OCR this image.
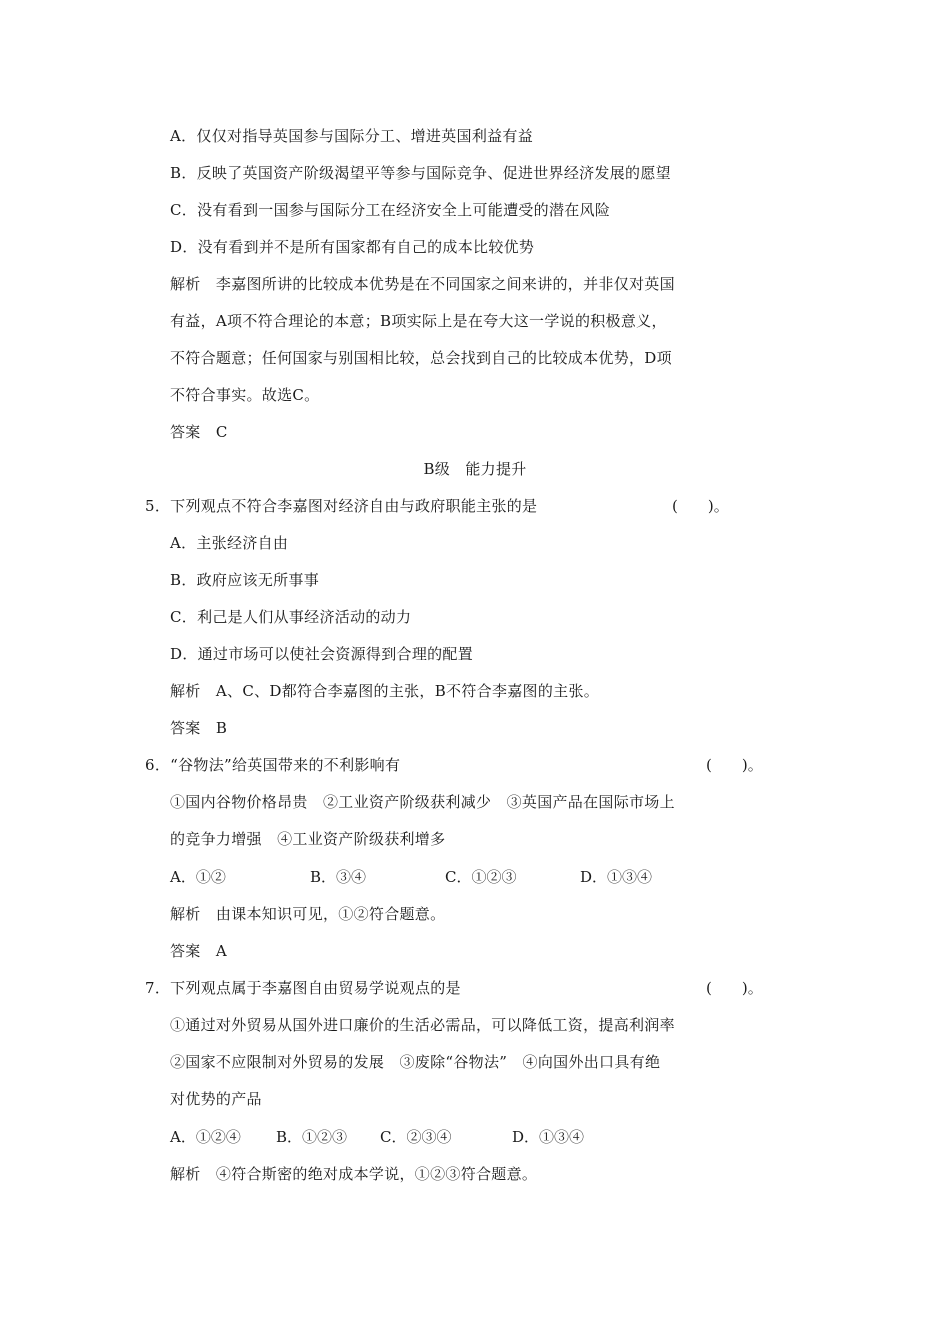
A．仅仅对指导英国参与国际分工、增进英国利益有益
B．反映了英国资产阶级渴望平等参与国际竞争、促进世界经济发展的愿望
C．没有看到一国参与国际分工在经济安全上可能遭受的潜在风险
D．没有看到并不是所有国家都有自己的成本比较优势
解析　李嘉图所讲的比较成本优势是在不同国家之间来讲的，并非仅对英国
有益，A项不符合理论的本意；B项实际上是在夸大这一学说的积极意义，
不符合题意；任何国家与别国相比较，总会找到自己的比较成本优势，D项
不符合事实。故选C。
答案　C
B级　能力提升
5．下列观点不符合李嘉图对经济自由与政府职能主张的是	(　　)。
A．主张经济自由
B．政府应该无所事事
C．利己是人们从事经济活动的动力
D．通过市场可以使社会资源得到合理的配置
解析　A、C、D都符合李嘉图的主张，B不符合李嘉图的主张。
答案　B
6．“谷物法”给英国带来的不利影响有	(　　)。
①国内谷物价格昂贵　②工业资产阶级获利减少　③英国产品在国际市场上
的竞争力增强　④工业资产阶级获利增多
A．①②	B．③④	C．①②③	D．①③④
解析　由课本知识可见，①②符合题意。
答案　A
7．下列观点属于李嘉图自由贸易学说观点的是	(　　)。
①通过对外贸易从国外进口廉价的生活必需品，可以降低工资，提高利润率
②国家不应限制对外贸易的发展　③废除“谷物法”　④向国外出口具有绝
对优势的产品
A．①②④ B．①②③ C．②③④	D．①③④
解析　④符合斯密的绝对成本学说，①②③符合题意。
